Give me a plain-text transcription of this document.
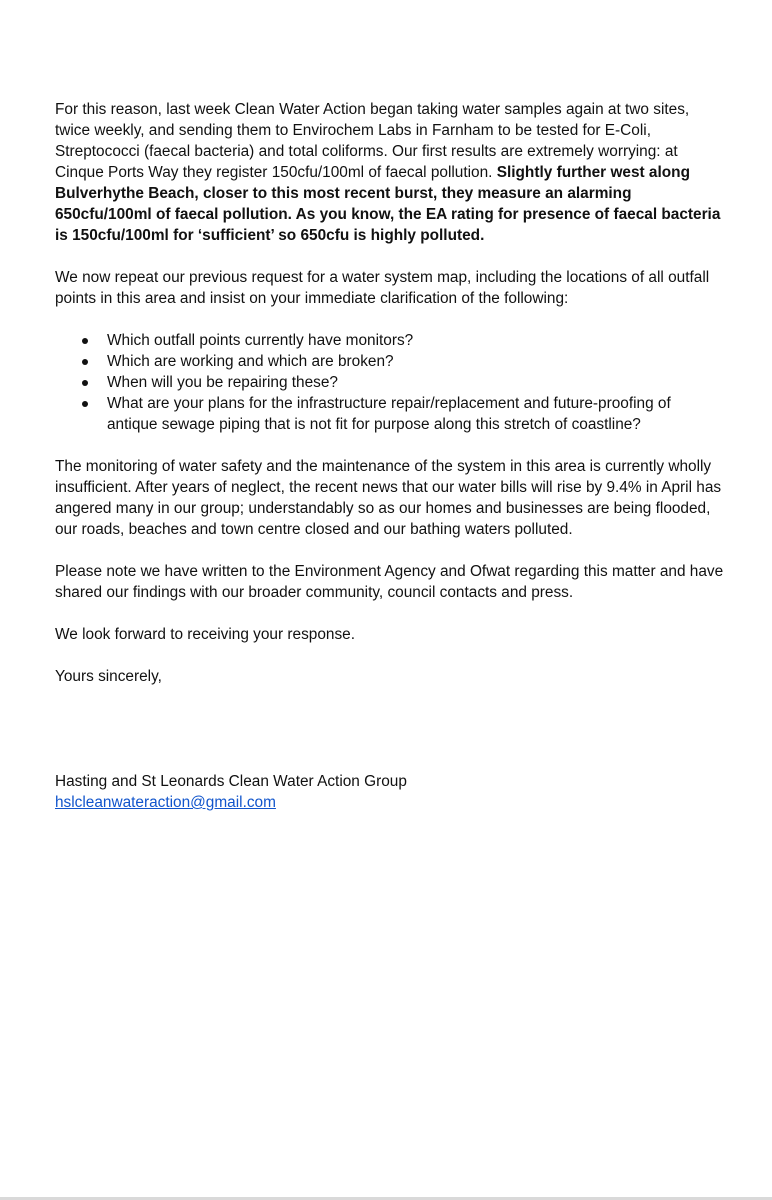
For this reason, last week Clean Water Action began taking water samples again at two sites, twice weekly, and sending them to Envirochem Labs in Farnham to be tested for E-Coli, Streptococci (faecal bacteria) and total coliforms. Our first results are extremely worrying: at Cinque Ports Way they register 150cfu/100ml of faecal pollution. Slightly further west along Bulverhythe Beach, closer to this most recent burst, they measure an alarming 650cfu/100ml of faecal pollution. As you know, the EA rating for presence of faecal bacteria is 150cfu/100ml for ‘sufficient’ so 650cfu is highly polluted.

We now repeat our previous request for a water system map, including the locations of all outfall points in this area and insist on your immediate clarification of the following:

Which outfall points currently have monitors?
Which are working and which are broken?
When will you be repairing these?
What are your plans for the infrastructure repair/replacement and future-proofing of antique sewage piping that is not fit for purpose along this stretch of coastline?

The monitoring of water safety and the maintenance of the system in this area is currently wholly insufficient. After years of neglect, the recent news that our water bills will rise by 9.4% in April has angered many in our group; understandably so as our homes and businesses are being flooded, our roads, beaches and town centre closed and our bathing waters polluted.

Please note we have written to the Environment Agency and Ofwat regarding this matter and have shared our findings with our broader community, council contacts and press.

We look forward to receiving your response.

Yours sincerely,

Hasting and St Leonards Clean Water Action Group
hslcleanwateraction@gmail.com
